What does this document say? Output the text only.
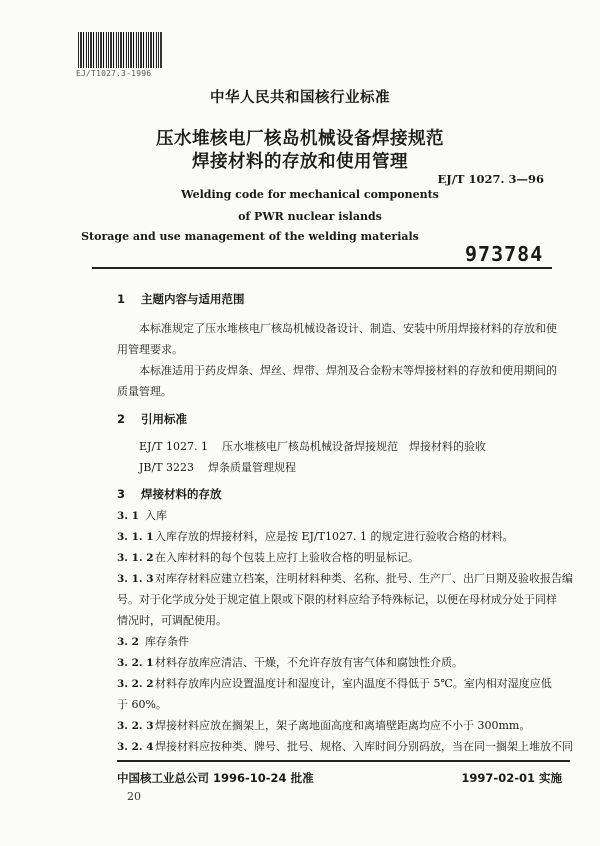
EJ/T1027.3-1996
中华人民共和国核行业标准
压水堆核电厂核岛机械设备焊接规范
焊接材料的存放和使用管理
EJ/T 1027. 3—96
Welding code for mechanical components
of PWR nuclear islands
Storage and use management of the welding materials
973784
1 主题内容与适用范围
本标准规定了压水堆核电厂核岛机械设备设计、制造、安装中所用焊接材料的存放和使
用管理要求。
本标准适用于药皮焊条、焊丝、焊带、焊剂及合金粉末等焊接材料的存放和使用期间的
质量管理。
2 引用标准
EJ/T 1027. 1 压水堆核电厂核岛机械设备焊接规范　焊接材料的验收
JB/T 3223 焊条质量管理规程
3 焊接材料的存放
3. 1 入库
3. 1. 1入库存放的焊接材料，应是按 EJ/T1027. 1 的规定进行验收合格的材料。
3. 1. 2在入库材料的每个包装上应打上验收合格的明显标记。
3. 1. 3对库存材料应建立档案，注明材料种类、名称、批号、生产厂、出厂日期及验收报告编
号。对于化学成分处于规定值上限或下限的材料应给予特殊标记，以便在母材成分处于同样
情况时，可调配使用。
3. 2 库存条件
3. 2. 1材料存放库应清洁、干燥，不允许存放有害气体和腐蚀性介质。
3. 2. 2材料存放库内应设置温度计和湿度计，室内温度不得低于 5℃。室内相对湿度应低
于 60%。
3. 2. 3焊接材料应放在搁架上，架子离地面高度和离墙壁距离均应不小于 300mm。
3. 2. 4焊接材料应按种类、牌号、批号、规格、入库时间分别码放，当在同一搁架上堆放不同
中国核工业总公司 1996-10-24 批准	1997-02-01 实施
20
